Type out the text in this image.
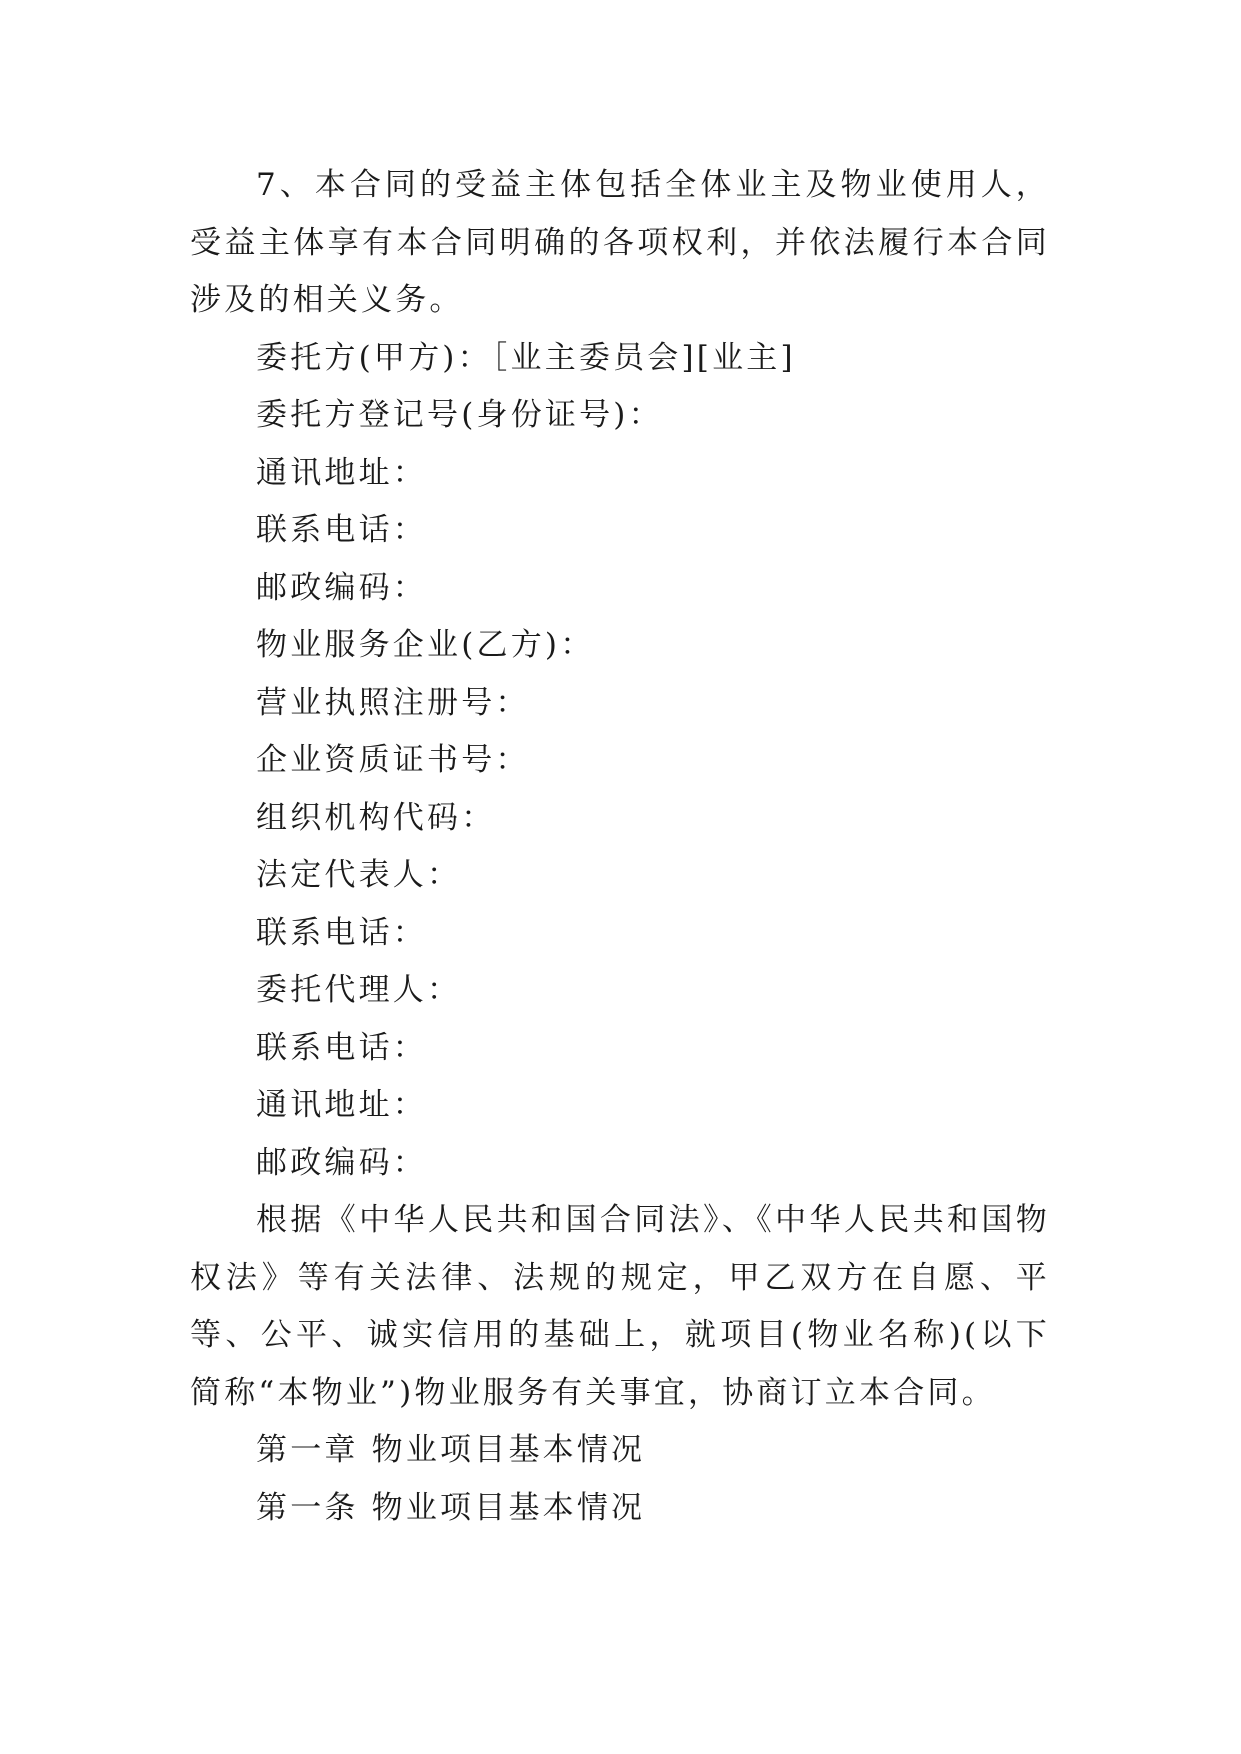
7、本合同的受益主体包括全体业主及物业使用人，受益主体享有本合同明确的各项权利，并依法履行本合同涉及的相关义务。

委托方(甲方)：［业主委员会][业主]

委托方登记号(身份证号)：

通讯地址：

联系电话：

邮政编码：

物业服务企业(乙方)：

营业执照注册号：

企业资质证书号：

组织机构代码：

法定代表人：

联系电话：

委托代理人：

联系电话：

通讯地址：

邮政编码：

根据《中华人民共和国合同法》、《中华人民共和国物权法》等有关法律、法规的规定，甲乙双方在自愿、平等、公平、诚实信用的基础上，就项目(物业名称)(以下简称“本物业”)物业服务有关事宜，协商订立本合同。

第一章 物业项目基本情况

第一条 物业项目基本情况
